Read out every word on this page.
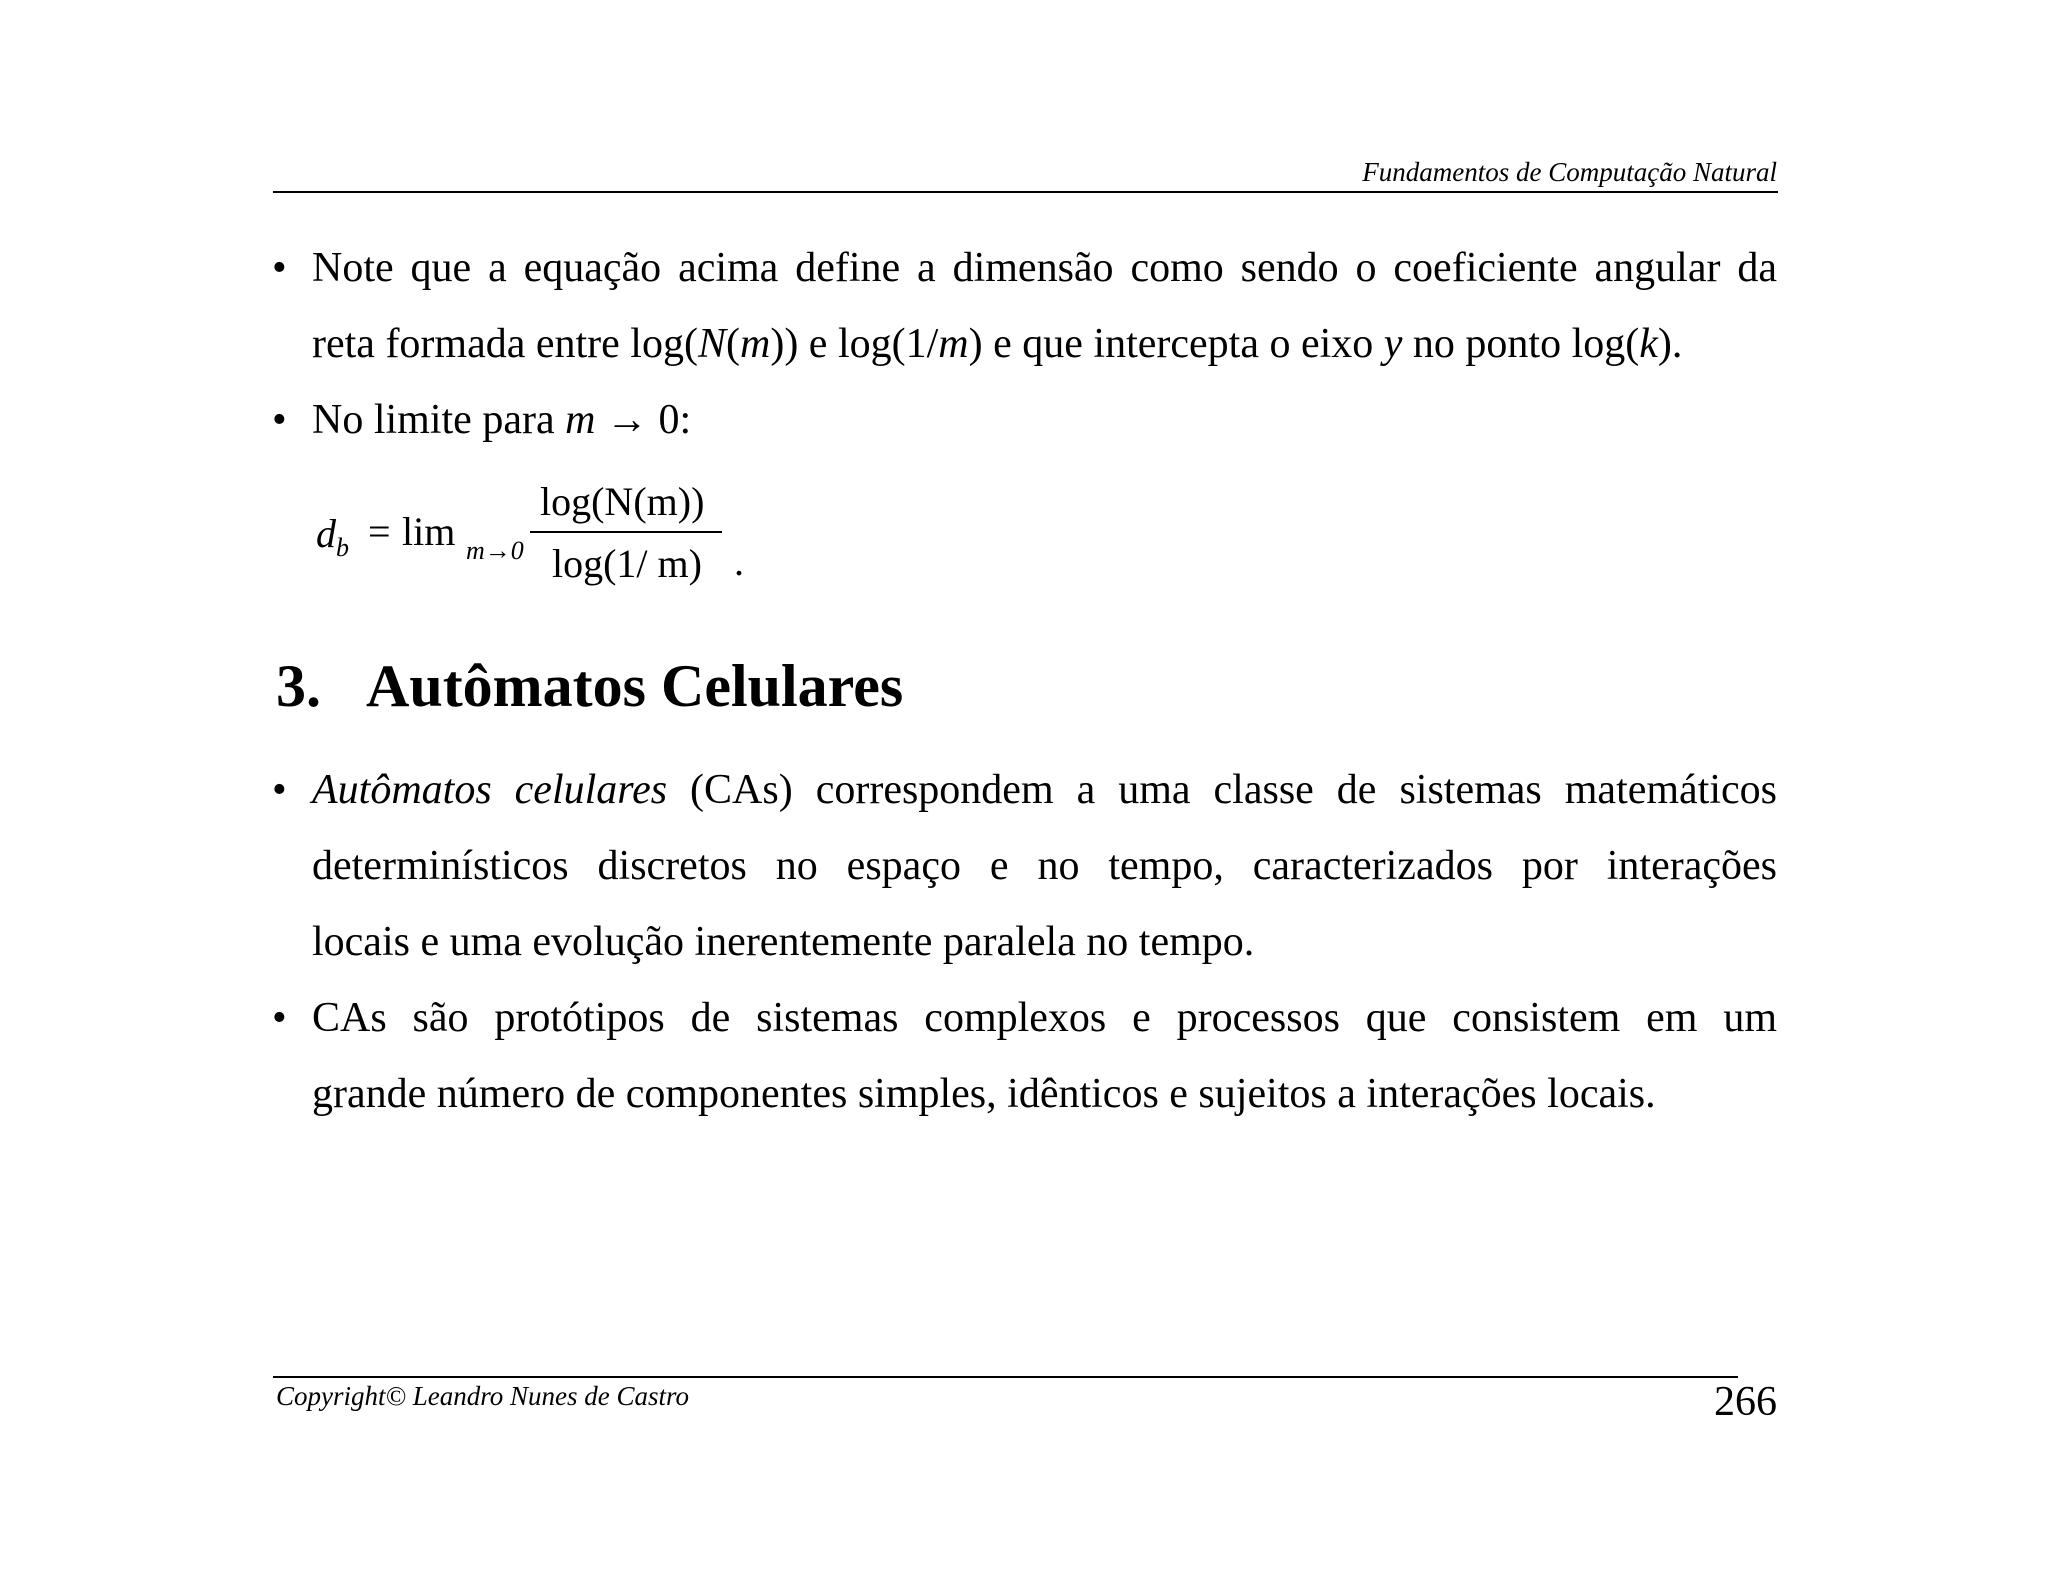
Fundamentos de Computação Natural
• Note que a equação acima define a dimensão como sendo o coeficiente angular da
reta formada entre log(N(m)) e log(1/m) e que intercepta o eixo y no ponto log(k).
• No limite para m → 0:
$d_b = \lim m\to 0$
log(N(m))
log(1/ m) .
3. Autômatos Celulares
• Autômatos celulares (CAs) correspondem a uma classe de sistemas matemáticos
determinísticos discretos no espaço e no tempo, caracterizados por interações
locais e uma evolução inerentemente paralela no tempo.
• CAs são protótipos de sistemas complexos e processos que consistem em um
grande número de componentes simples, idênticos e sujeitos a interações locais.
Copyright© Leandro Nunes de Castro	266
